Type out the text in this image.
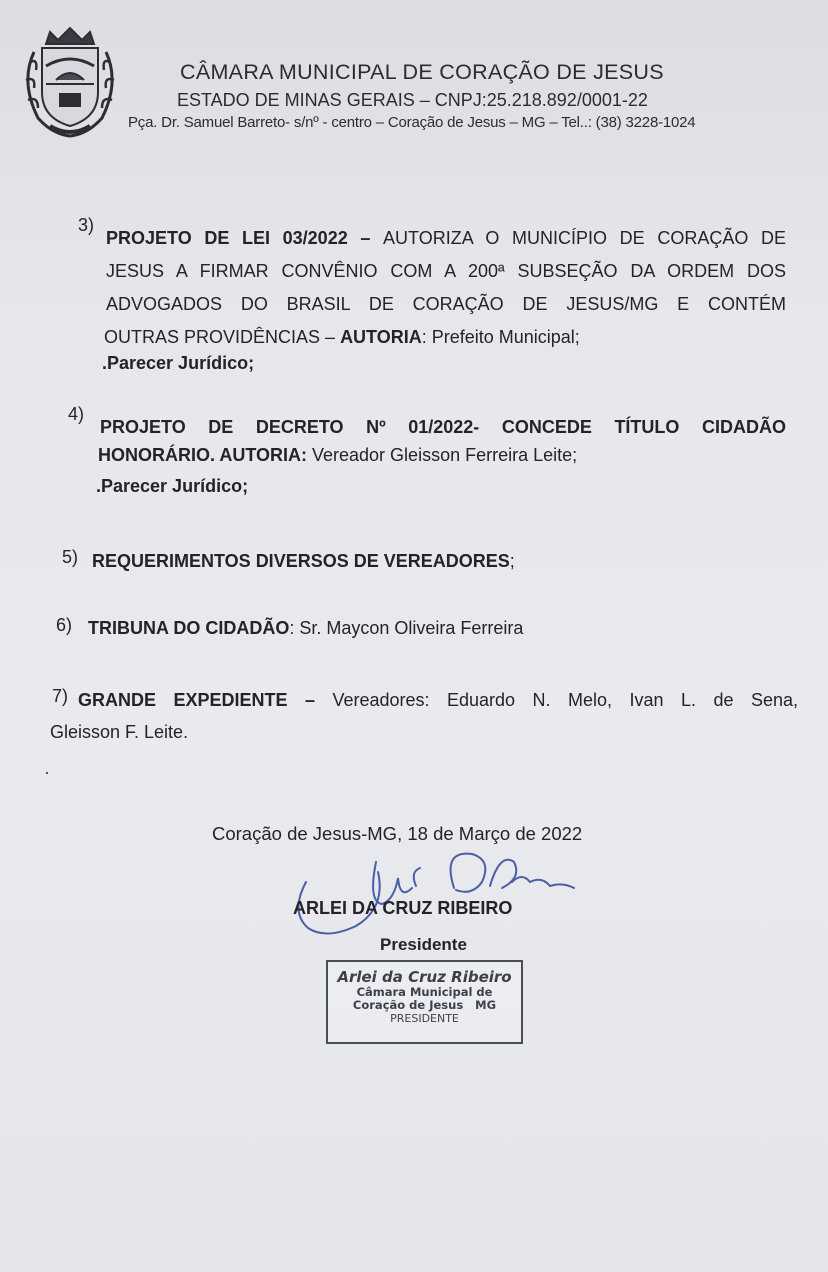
CÂMARA MUNICIPAL DE CORAÇÃO DE JESUS
ESTADO DE MINAS GERAIS – CNPJ:25.218.892/0001-22
Pça. Dr. Samuel Barreto- s/nº - centro – Coração de Jesus – MG – Tel..: (38) 3228-1024
3)
PROJETO DE LEI 03/2022 – AUTORIZA O MUNICÍPIO DE CORAÇÃO DE
JESUS A FIRMAR CONVÊNIO COM A 200ª SUBSEÇÃO DA ORDEM DOS
ADVOGADOS DO BRASIL DE CORAÇÃO DE JESUS/MG E CONTÉM
OUTRAS PROVIDÊNCIAS – AUTORIA: Prefeito Municipal;
.Parecer Jurídico;
4)
PROJETO DE DECRETO Nº 01/2022- CONCEDE TÍTULO CIDADÃO
HONORÁRIO. AUTORIA: Vereador Gleisson Ferreira Leite;
.Parecer Jurídico;
5) REQUERIMENTOS DIVERSOS DE VEREADORES;
6) TRIBUNA DO CIDADÃO: Sr. Maycon Oliveira Ferreira
7) GRANDE EXPEDIENTE – Vereadores: Eduardo N. Melo, Ivan L. de Sena,
Gleisson F. Leite.
Coração de Jesus-MG, 18 de Março de 2022
ARLEI DA CRUZ RIBEIRO
Presidente
Arlei da Cruz Ribeiro
Câmara Municipal de
Coração de Jesus   MG
PRESIDENTE
